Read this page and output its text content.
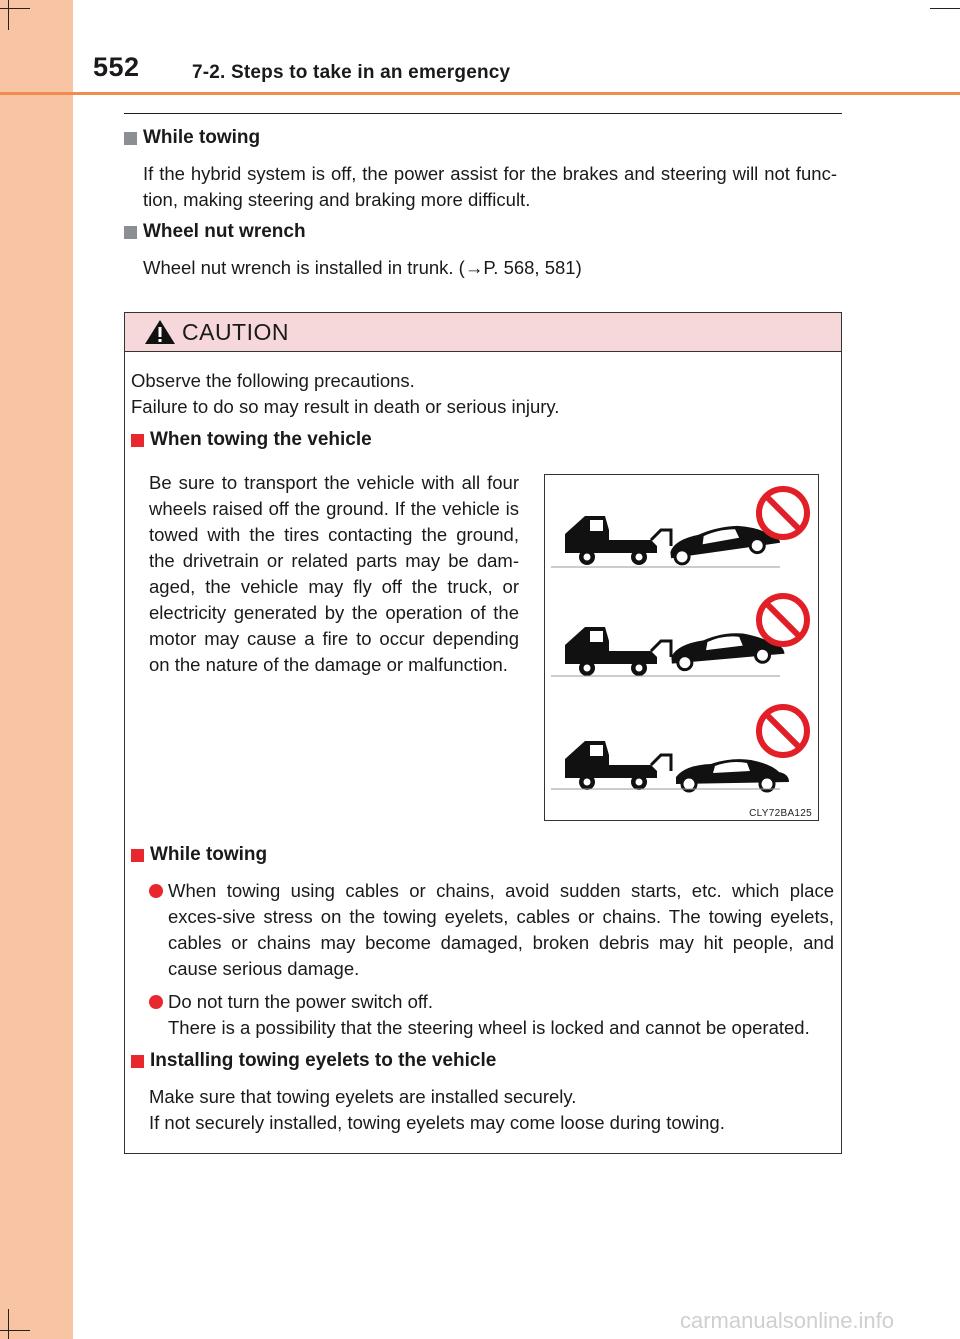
552	7-2. Steps to take in an emergency
While towing

If the hybrid system is off, the power assist for the brakes and steering will not func-tion, making steering and braking more difficult.

Wheel nut wrench

Wheel nut wrench is installed in trunk. (→P. 568, 581)

CAUTION

Observe the following precautions.

Failure to do so may result in death or serious injury.

When towing the vehicle

Be sure to transport the vehicle with all four wheels raised off the ground. If the vehicle is towed with the tires contacting the ground, the drivetrain or related parts may be dam-aged, the vehicle may fly off the truck, or electricity generated by the operation of the motor may cause a fire to occur depending on the nature of the damage or malfunction.

While towing

When towing using cables or chains, avoid sudden starts, etc. which place exces-sive stress on the towing eyelets, cables or chains. The towing eyelets, cables or chains may become damaged, broken debris may hit people, and cause serious damage.

Do not turn the power switch off.

There is a possibility that the steering wheel is locked and cannot be operated.

Installing towing eyelets to the vehicle

Make sure that towing eyelets are installed securely.

If not securely installed, towing eyelets may come loose during towing.

CLY72BA125
carmanualsonline.info
